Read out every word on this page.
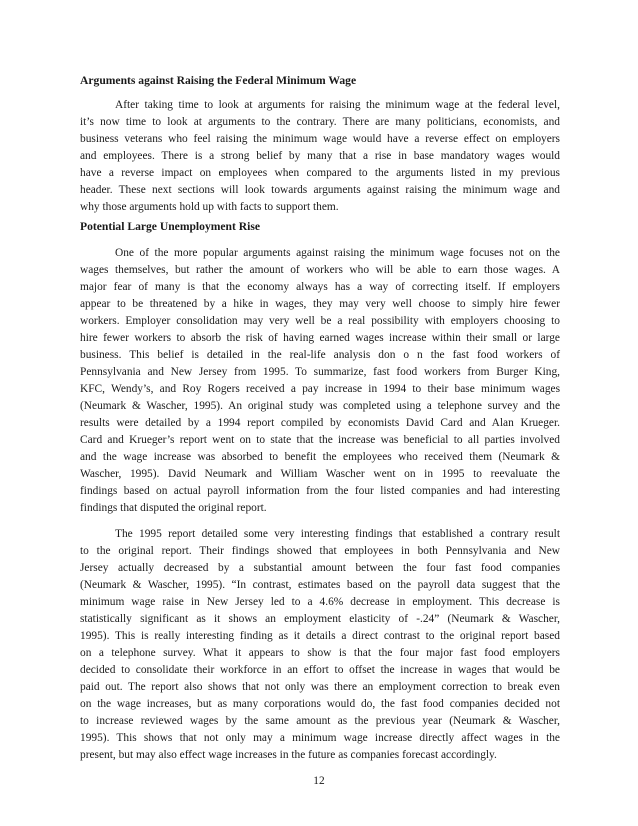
Arguments against Raising the Federal Minimum Wage
After taking time to look at arguments for raising the minimum wage at the federal level,
it’s now time to look at arguments to the contrary. There are many politicians, economists, and
business veterans who feel raising the minimum wage would have a reverse effect on employers
and employees. There is a strong belief by many that a rise in base mandatory wages would
have a reverse impact on employees when compared to the arguments listed in my previous
header. These next sections will look towards arguments against raising the minimum wage and
why those arguments hold up with facts to support them.
Potential Large Unemployment Rise
One of the more popular arguments against raising the minimum wage focuses not on the
wages themselves, but rather the amount of workers who will be able to earn those wages. A
major fear of many is that the economy always has a way of correcting itself. If employers
appear to be threatened by a hike in wages, they may very well choose to simply hire fewer
workers. Employer consolidation may very well be a real possibility with employers choosing to
hire fewer workers to absorb the risk of having earned wages increase within their small or large
business. This belief is detailed in the real-life analysis don o n the fast food workers of
Pennsylvania and New Jersey from 1995. To summarize, fast food workers from Burger King,
KFC, Wendy’s, and Roy Rogers received a pay increase in 1994 to their base minimum wages
(Neumark & Wascher, 1995). An original study was completed using a telephone survey and the
results were detailed by a 1994 report compiled by economists David Card and Alan Krueger.
Card and Krueger’s report went on to state that the increase was beneficial to all parties involved
and the wage increase was absorbed to benefit the employees who received them (Neumark &
Wascher, 1995). David Neumark and William Wascher went on in 1995 to reevaluate the
findings based on actual payroll information from the four listed companies and had interesting
findings that disputed the original report.
The 1995 report detailed some very interesting findings that established a contrary result
to the original report. Their findings showed that employees in both Pennsylvania and New
Jersey actually decreased by a substantial amount between the four fast food companies
(Neumark & Wascher, 1995). “In contrast, estimates based on the payroll data suggest that the
minimum wage raise in New Jersey led to a 4.6% decrease in employment. This decrease is
statistically significant as it shows an employment elasticity of -.24” (Neumark & Wascher,
1995). This is really interesting finding as it details a direct contrast to the original report based
on a telephone survey. What it appears to show is that the four major fast food employers
decided to consolidate their workforce in an effort to offset the increase in wages that would be
paid out. The report also shows that not only was there an employment correction to break even
on the wage increases, but as many corporations would do, the fast food companies decided not
to increase reviewed wages by the same amount as the previous year (Neumark & Wascher,
1995). This shows that not only may a minimum wage increase directly affect wages in the
present, but may also effect wage increases in the future as companies forecast accordingly.
12
